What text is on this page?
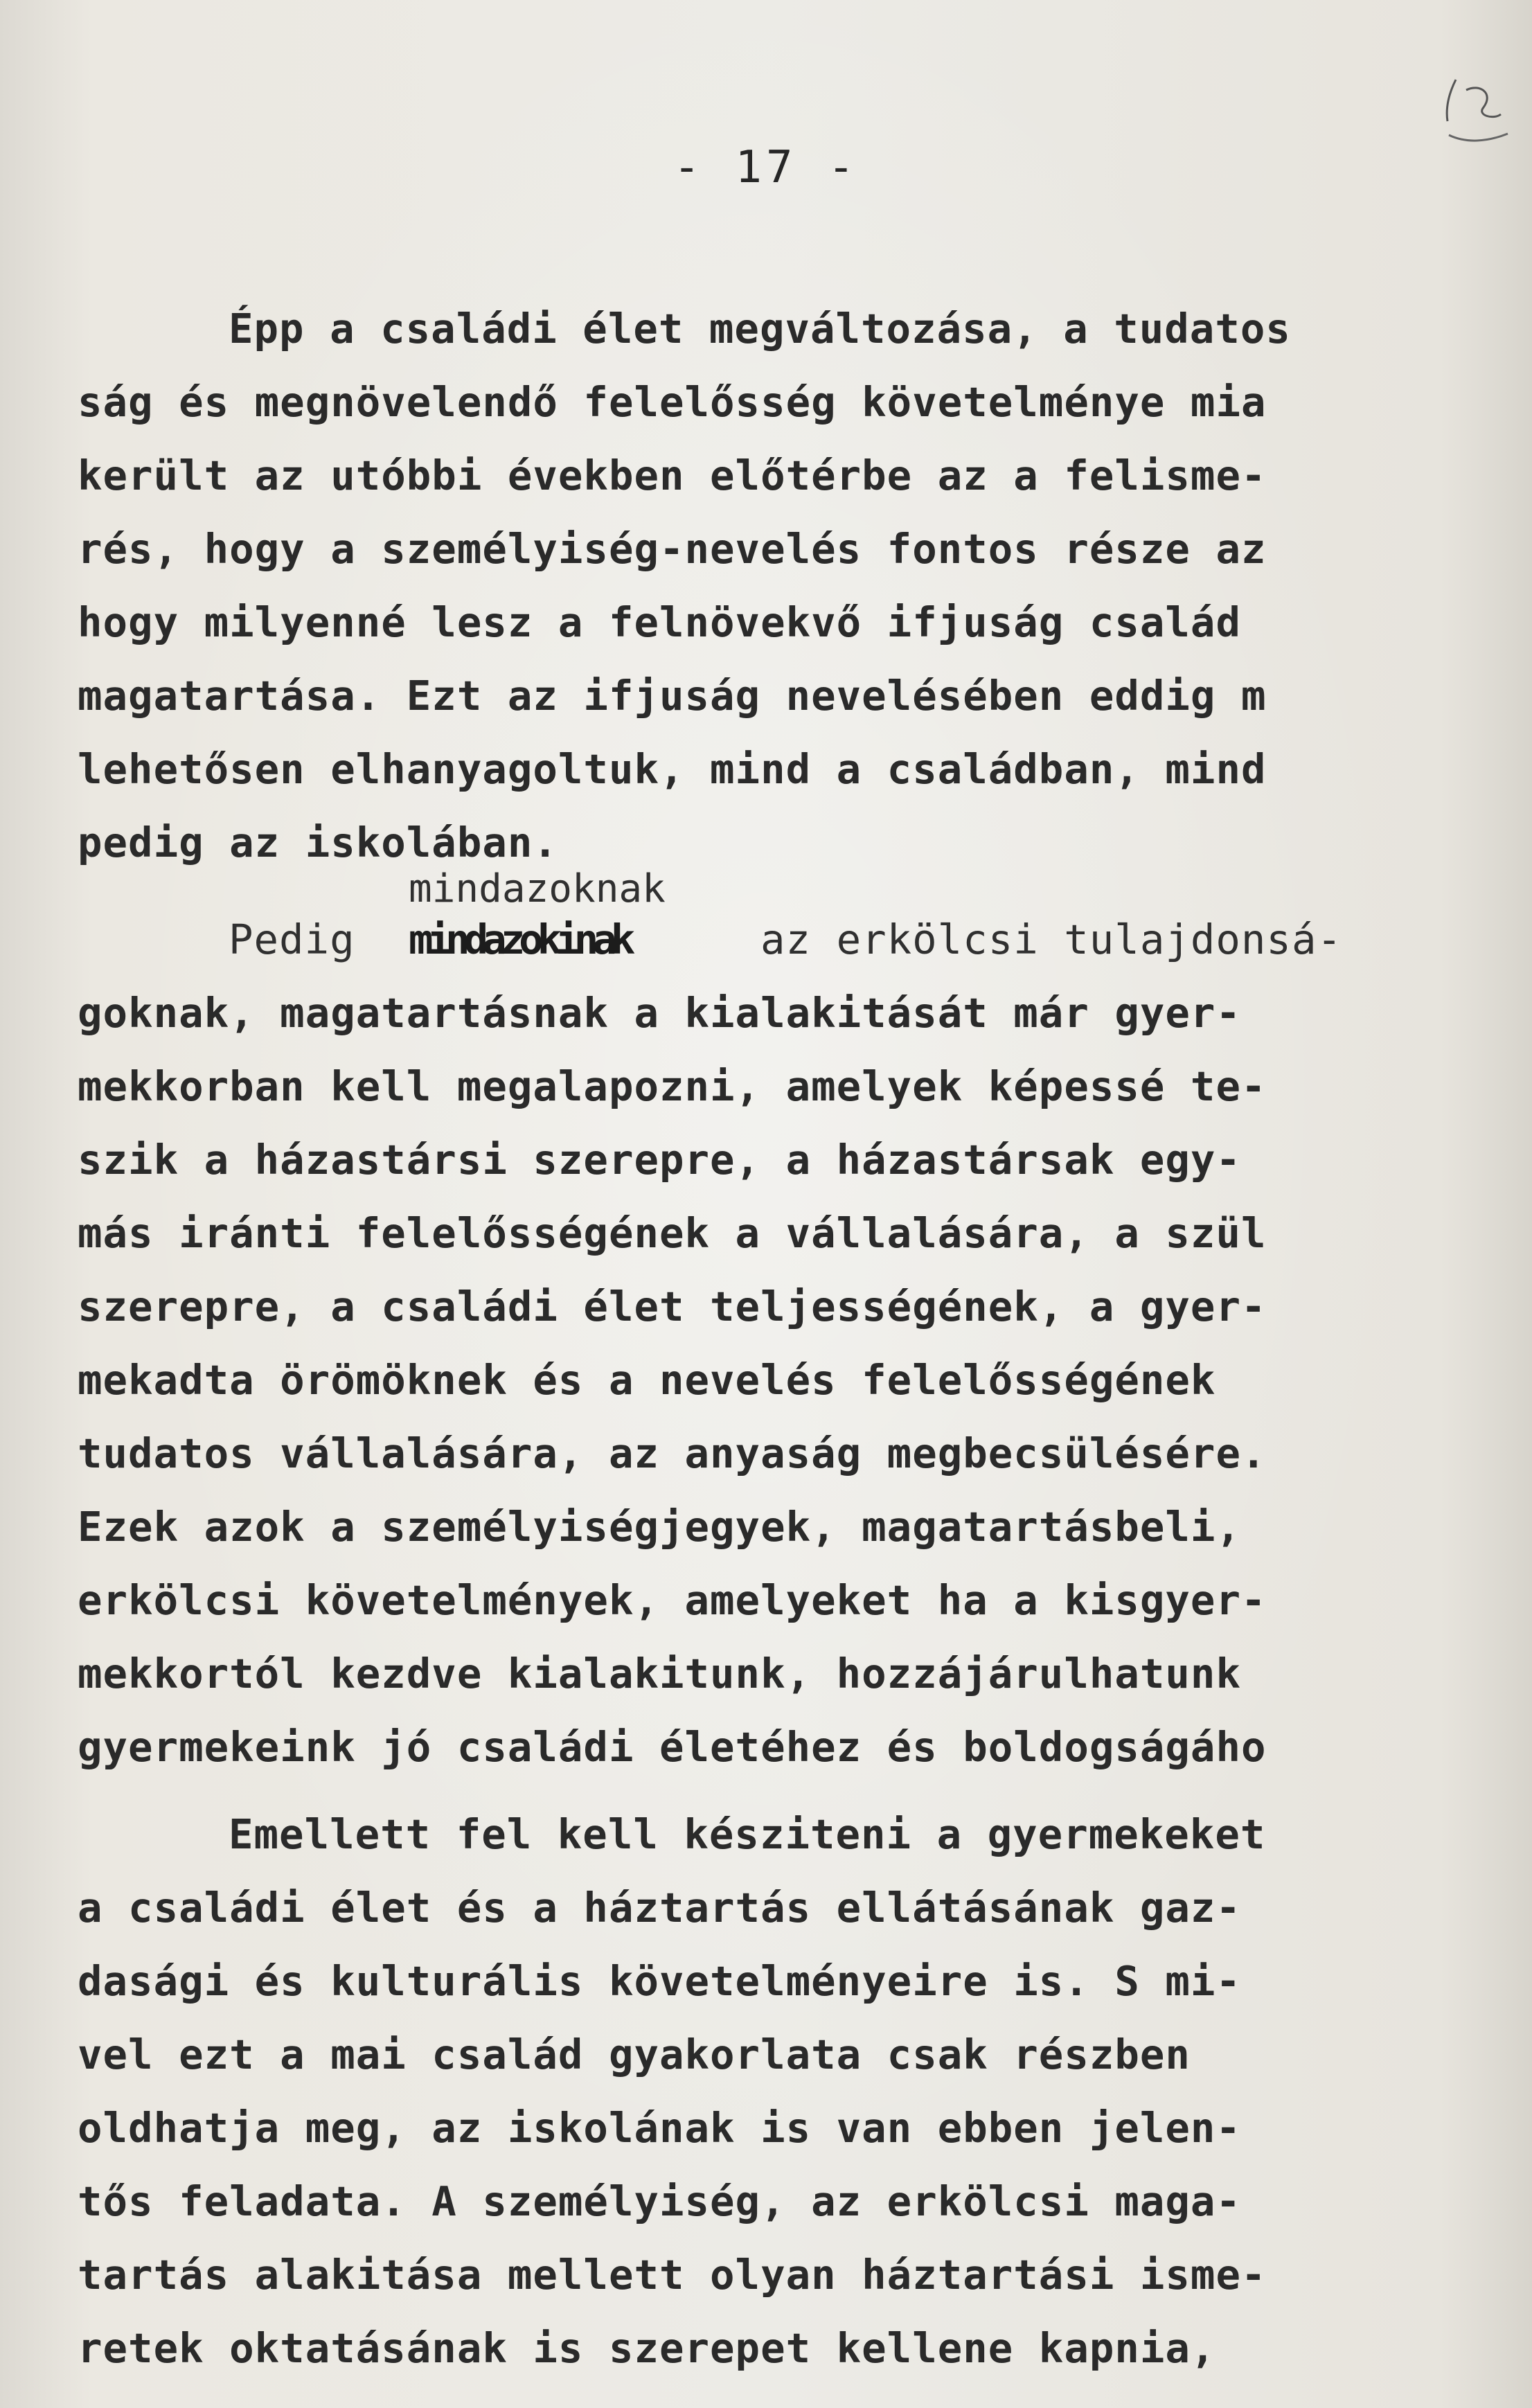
- 17 -
Épp a családi élet megváltozása, a tudatos
ság és megnövelendő felelősség követelménye mia
került az utóbbi években előtérbe az a felisme-
rés, hogy a személyiség-nevelés fontos része az
hogy milyenné lesz a felnövekvő ifjuság család
magatartása. Ezt az ifjuság nevelésében eddig m
lehetősen elhanyagoltuk, mind a családban, mind
pedig az iskolában.
mindazoknak
Pedig mindazokinak	az erkölcsi tulajdonsá-
goknak, magatartásnak a kialakitását már gyer-
mekkorban kell megalapozni, amelyek képessé te-
szik a házastársi szerepre, a házastársak egy-
más iránti felelősségének a vállalására, a szül
szerepre, a családi élet teljességének, a gyer-
mekadta örömöknek és a nevelés felelősségének
tudatos vállalására, az anyaság megbecsülésére.
Ezek azok a személyiségjegyek, magatartásbeli,
erkölcsi követelmények, amelyeket ha a kisgyer-
mekkortól kezdve kialakitunk, hozzájárulhatunk
gyermekeink jó családi életéhez és boldogságáho
Emellett fel kell késziteni a gyermekeket
a családi élet és a háztartás ellátásának gaz-
dasági és kulturális követelményeire is. S mi-
vel ezt a mai család gyakorlata csak részben
oldhatja meg, az iskolának is van ebben jelen-
tős feladata. A személyiség, az erkölcsi maga-
tartás alakitása mellett olyan háztartási isme-
retek oktatásának is szerepet kellene kapnia,
